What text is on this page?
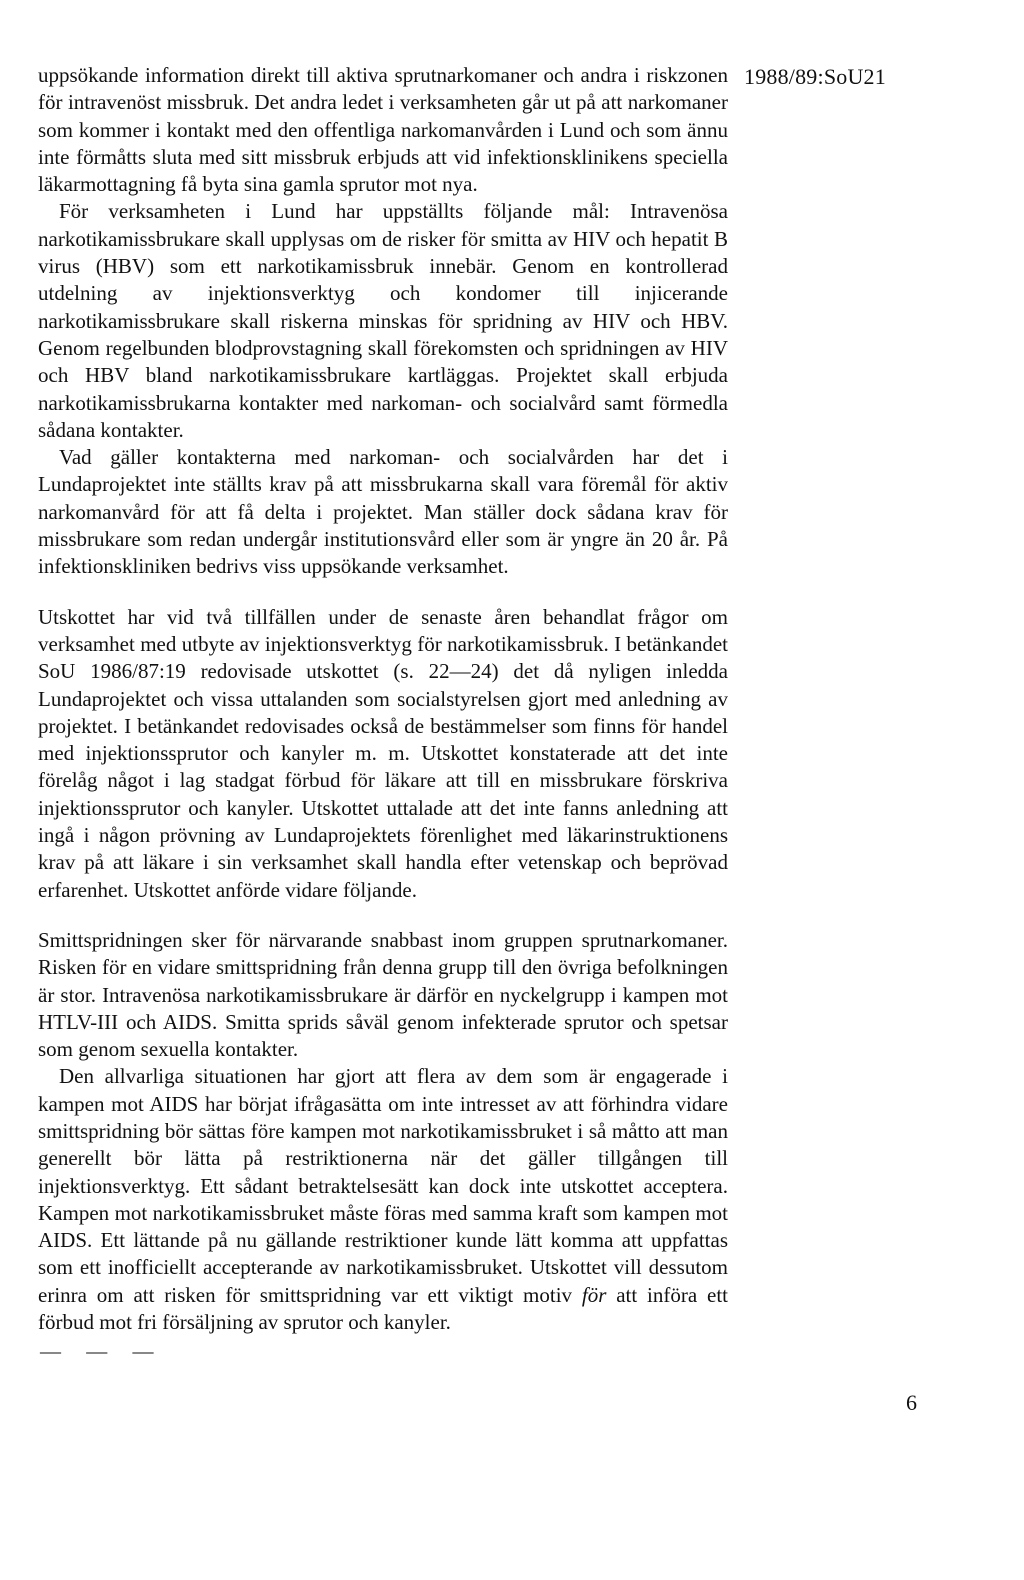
1988/89:SoU21

uppsökande information direkt till aktiva sprutnarkomaner och andra i riskzonen för intravenöst missbruk. Det andra ledet i verksamheten går ut på att narkomaner som kommer i kontakt med den offentliga narkomanvården i Lund och som ännu inte förmåtts sluta med sitt missbruk erbjuds att vid infektionsklinikens speciella läkarmottagning få byta sina gamla sprutor mot nya.

För verksamheten i Lund har uppställts följande mål: Intravenösa narkotikamissbrukare skall upplysas om de risker för smitta av HIV och hepatit B virus (HBV) som ett narkotikamissbruk innebär. Genom en kontrollerad utdelning av injektionsverktyg och kondomer till injicerande narkotikamissbrukare skall riskerna minskas för spridning av HIV och HBV. Genom regelbunden blodprovstagning skall förekomsten och spridningen av HIV och HBV bland narkotikamissbrukare kartläggas. Projektet skall erbjuda narkotikamissbrukarna kontakter med narkoman- och socialvård samt förmedla sådana kontakter.

Vad gäller kontakterna med narkoman- och socialvården har det i Lundaprojektet inte ställts krav på att missbrukarna skall vara föremål för aktiv narkomanvård för att få delta i projektet. Man ställer dock sådana krav för missbrukare som redan undergår institutionsvård eller som är yngre än 20 år. På infektionskliniken bedrivs viss uppsökande verksamhet.

Utskottet har vid två tillfällen under de senaste åren behandlat frågor om verksamhet med utbyte av injektionsverktyg för narkotikamissbruk. I betänkandet SoU 1986/87:19 redovisade utskottet (s. 22—24) det då nyligen inledda Lundaprojektet och vissa uttalanden som socialstyrelsen gjort med anledning av projektet. I betänkandet redovisades också de bestämmelser som finns för handel med injektionssprutor och kanyler m. m. Utskottet konstaterade att det inte förelåg något i lag stadgat förbud för läkare att till en missbrukare förskriva injektionssprutor och kanyler. Utskottet uttalade att det inte fanns anledning att ingå i någon prövning av Lundaprojektets förenlighet med läkarinstruktionens krav på att läkare i sin verksamhet skall handla efter vetenskap och beprövad erfarenhet. Utskottet anförde vidare följande.

Smittspridningen sker för närvarande snabbast inom gruppen sprutnarkomaner. Risken för en vidare smittspridning från denna grupp till den övriga befolkningen är stor. Intravenösa narkotikamissbrukare är därför en nyckelgrupp i kampen mot HTLV-III och AIDS. Smitta sprids såväl genom infekterade sprutor och spetsar som genom sexuella kontakter.

Den allvarliga situationen har gjort att flera av dem som är engagerade i kampen mot AIDS har börjat ifrågasätta om inte intresset av att förhindra vidare smittspridning bör sättas före kampen mot narkotikamissbruket i så måtto att man generellt bör lätta på restriktionerna när det gäller tillgången till injektionsverktyg. Ett sådant betraktelsesätt kan dock inte utskottet acceptera. Kampen mot narkotikamissbruket måste föras med samma kraft som kampen mot AIDS. Ett lättande på nu gällande restriktioner kunde lätt komma att uppfattas som ett inofficiellt accepterande av narkotikamissbruket. Utskottet vill dessutom erinra om att risken för smittspridning var ett viktigt motiv för att införa ett förbud mot fri försäljning av sprutor och kanyler.

— — —
6
